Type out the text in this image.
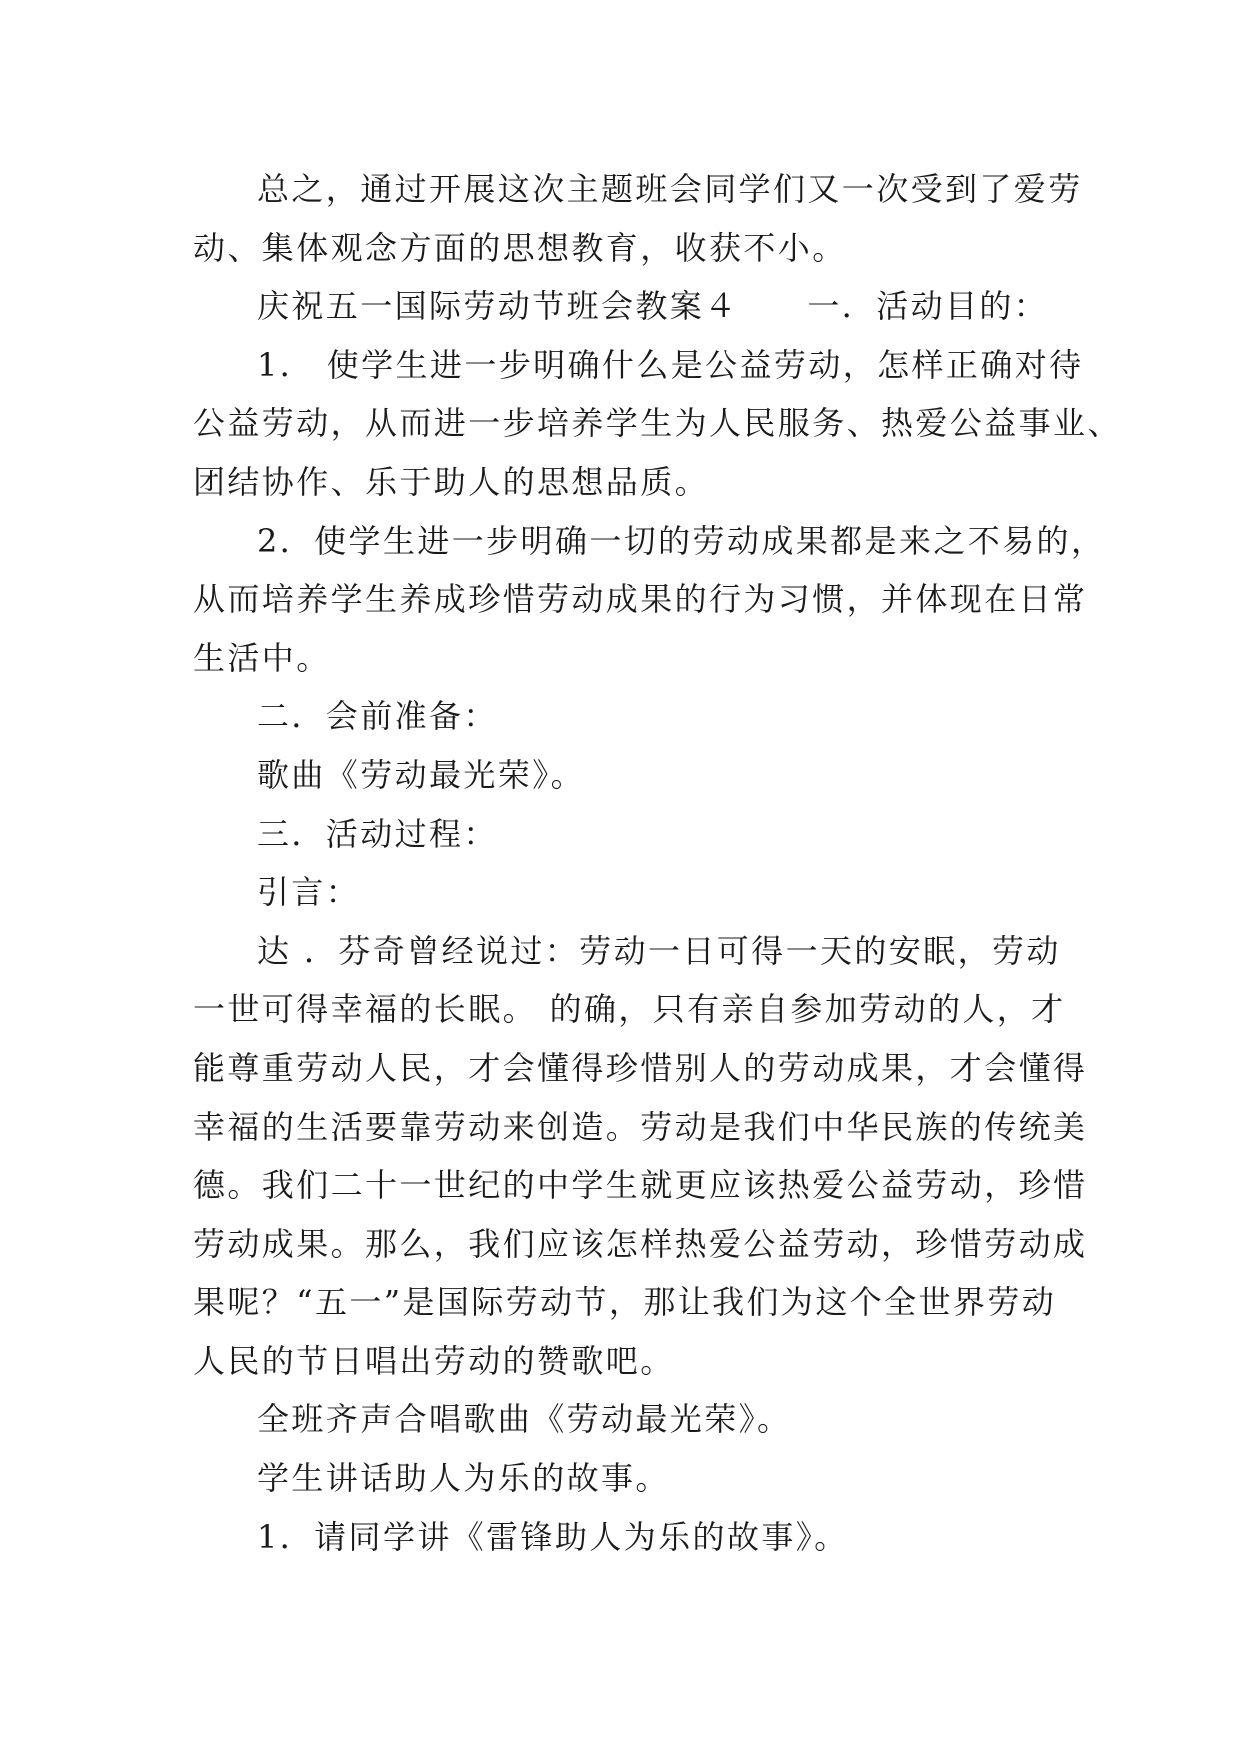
总之，通过开展这次主题班会同学们又一次受到了爱劳
动、集体观念方面的思想教育，收获不小。

庆祝五一国际劳动节班会教案４　　一．活动目的：

1． 使学生进一步明确什么是公益劳动，怎样正确对待
公益劳动，从而进一步培养学生为人民服务、热爱公益事业、
团结协作、乐于助人的思想品质。

2．使学生进一步明确一切的劳动成果都是来之不易的，
从而培养学生养成珍惜劳动成果的行为习惯，并体现在日常
生活中。

二．会前准备：

歌曲《劳动最光荣》。

三．活动过程：

引言：

达 ．芬奇曾经说过：劳动一日可得一天的安眠，劳动
一世可得幸福的长眠。 的确，只有亲自参加劳动的人，才
能尊重劳动人民，才会懂得珍惜别人的劳动成果，才会懂得
幸福的生活要靠劳动来创造。劳动是我们中华民族的传统美
德。我们二十一世纪的中学生就更应该热爱公益劳动，珍惜
劳动成果。那么，我们应该怎样热爱公益劳动，珍惜劳动成
果呢？“五一”是国际劳动节，那让我们为这个全世界劳动
人民的节日唱出劳动的赞歌吧。

全班齐声合唱歌曲《劳动最光荣》。

学生讲话助人为乐的故事。

1．请同学讲《雷锋助人为乐的故事》。
